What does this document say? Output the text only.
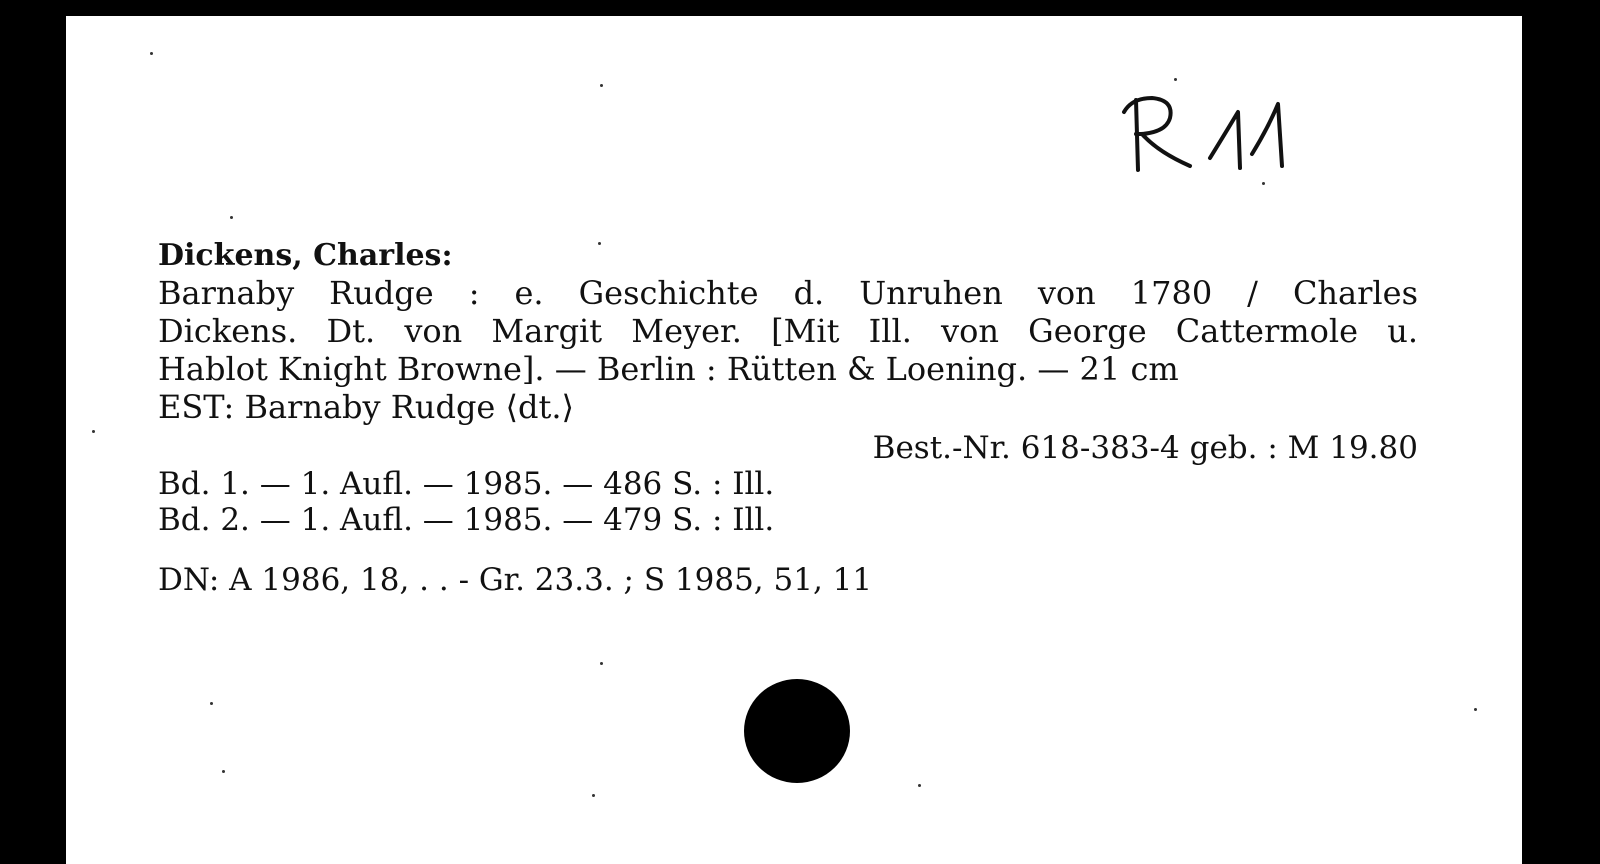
Dickens, Charles:
Barnaby Rudge : e. Geschichte d. Unruhen von 1780 / Charles
Dickens. Dt. von Margit Meyer. [Mit Ill. von George Cattermole u.
Hablot Knight Browne]. — Berlin : Rütten & Loening. — 21 cm
EST: Barnaby Rudge ⟨dt.⟩
Best.-Nr. 618-383-4 geb. : M 19.80
Bd. 1. — 1. Aufl. — 1985. — 486 S. : Ill.
Bd. 2. — 1. Aufl. — 1985. — 479 S. : Ill.
DN: A 1986, 18, . . - Gr. 23.3. ; S 1985, 51, 11
